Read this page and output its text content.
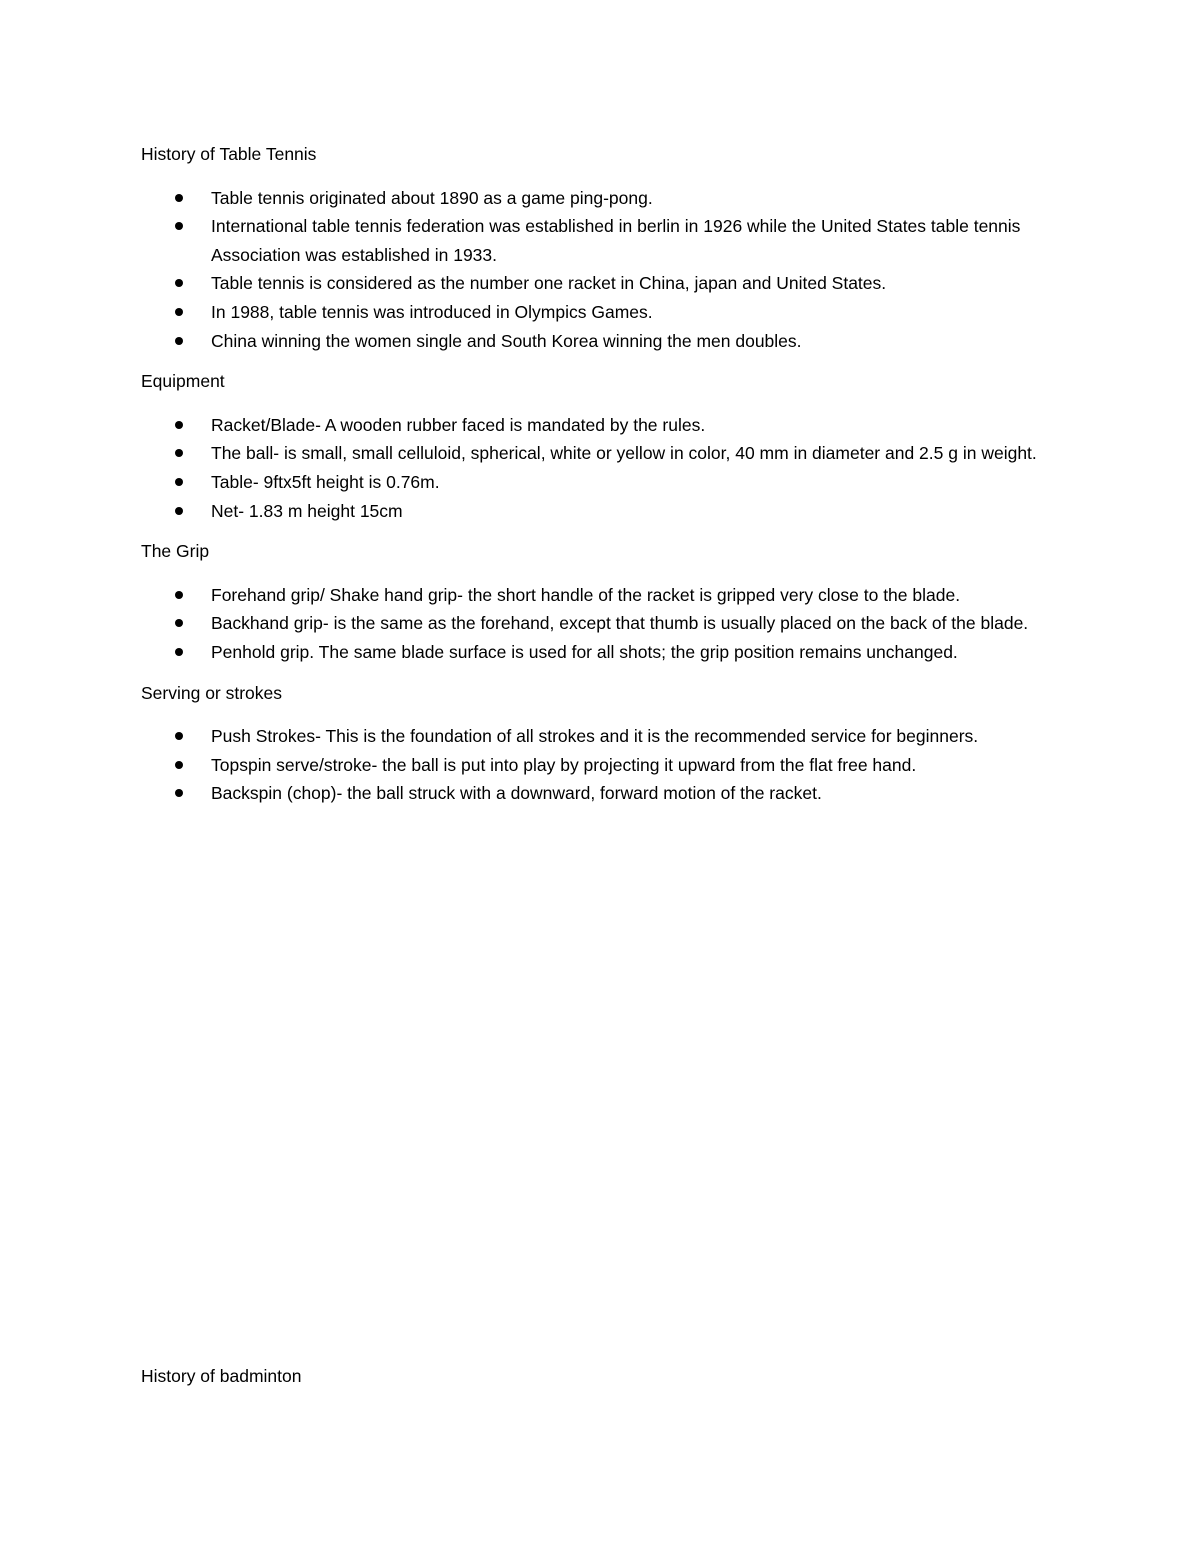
History of Table Tennis
Table tennis originated about 1890 as a game ping-pong.
International table tennis federation was established in berlin in 1926 while the United States table tennis Association was established in 1933.
Table tennis is considered as the number one racket in China, japan and United States.
In 1988, table tennis was introduced in Olympics Games.
China winning the women single and South Korea winning the men doubles.
Equipment
Racket/Blade- A wooden rubber faced is mandated by the rules.
The ball- is small, small celluloid, spherical, white or yellow in color, 40 mm in diameter and 2.5 g in weight.
Table- 9ftx5ft height is 0.76m.
Net- 1.83 m height 15cm
The Grip
Forehand grip/ Shake hand grip- the short handle of the racket is gripped very close to the blade.
Backhand grip- is the same as the forehand, except that thumb is usually placed on the back of the blade.
Penhold grip. The same blade surface is used for all shots; the grip position remains unchanged.
Serving or strokes
Push Strokes- This is the foundation of all strokes and it is the recommended service for beginners.
Topspin serve/stroke- the ball is put into play by projecting it upward from the flat free hand.
Backspin (chop)- the ball struck with a downward, forward motion of the racket.
History of badminton
